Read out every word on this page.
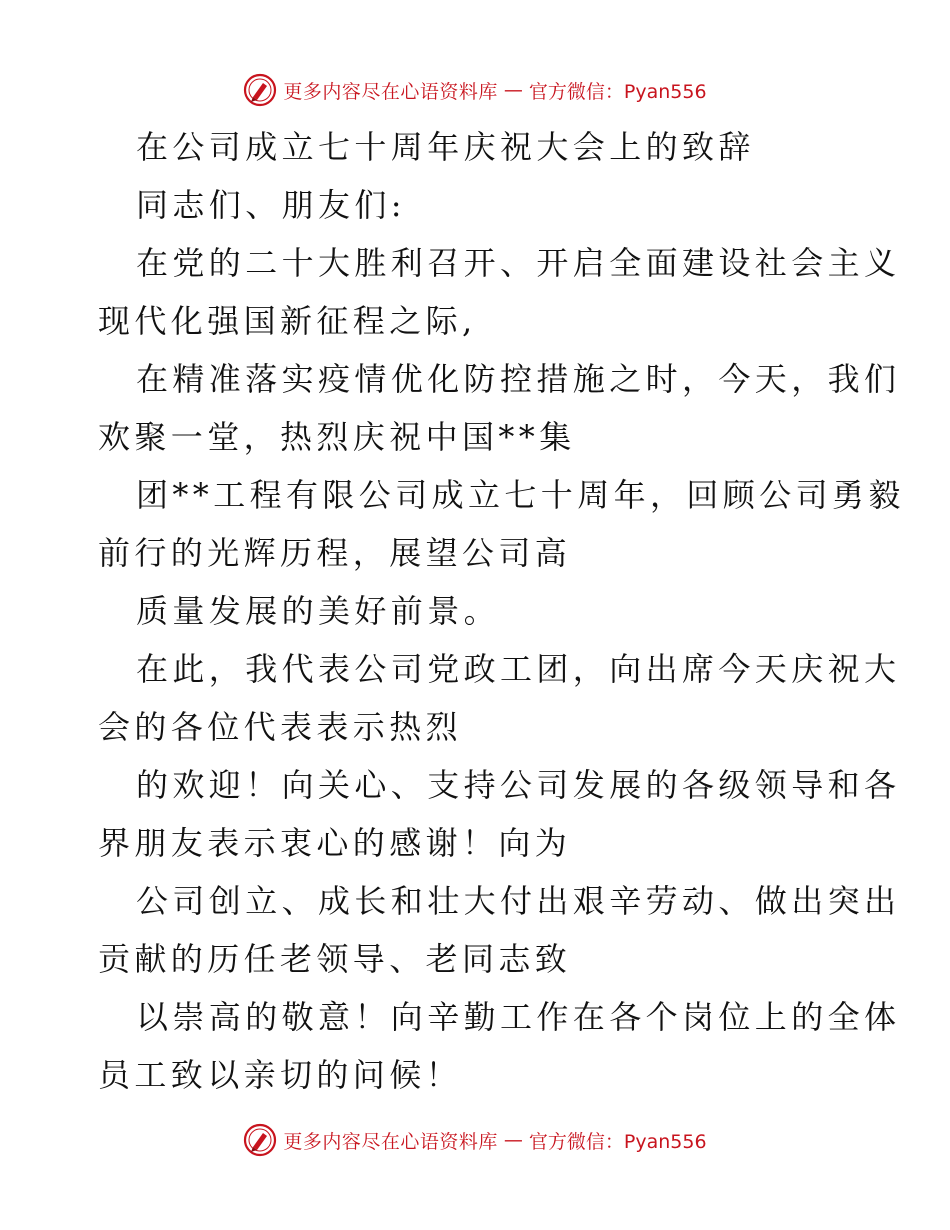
更多内容尽在心语资料库 — 官方微信：Pyan556
在公司成立七十周年庆祝大会上的致辞
同志们、朋友们:
在党的二十大胜利召开、开启全面建设社会主义
现代化强国新征程之际,
在精准落实疫情优化防控措施之时，今天，我们
欢聚一堂，热烈庆祝中国**集
团**工程有限公司成立七十周年，回顾公司勇毅
前行的光辉历程，展望公司高
质量发展的美好前景。
在此，我代表公司党政工团，向出席今天庆祝大
会的各位代表表示热烈
的欢迎！向关心、支持公司发展的各级领导和各
界朋友表示衷心的感谢！向为
公司创立、成长和壮大付出艰辛劳动、做出突出
贡献的历任老领导、老同志致
以崇高的敬意！向辛勤工作在各个岗位上的全体
员工致以亲切的问候！
更多内容尽在心语资料库 — 官方微信：Pyan556
